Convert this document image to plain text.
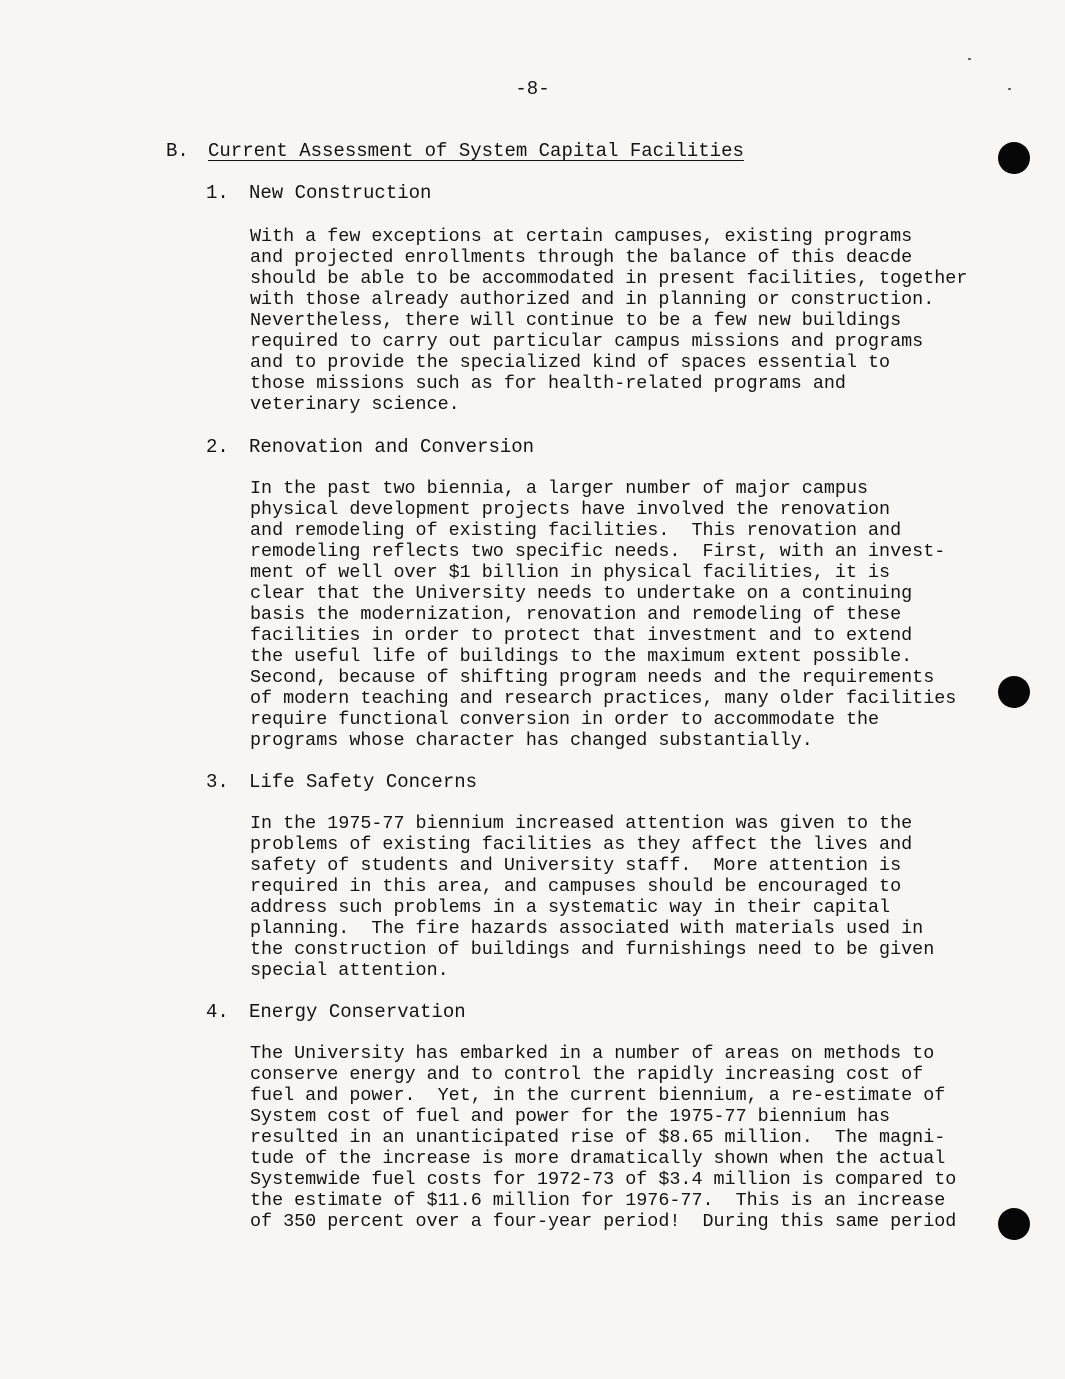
-8-
B. Current Assessment of System Capital Facilities
1. New Construction
With a few exceptions at certain campuses, existing programs
and projected enrollments through the balance of this deacde
should be able to be accommodated in present facilities, together
with those already authorized and in planning or construction.
Nevertheless, there will continue to be a few new buildings
required to carry out particular campus missions and programs
and to provide the specialized kind of spaces essential to
those missions such as for health-related programs and
veterinary science.
2. Renovation and Conversion
In the past two biennia, a larger number of major campus
physical development projects have involved the renovation
and remodeling of existing facilities.  This renovation and
remodeling reflects two specific needs.  First, with an invest-
ment of well over $1 billion in physical facilities, it is
clear that the University needs to undertake on a continuing
basis the modernization, renovation and remodeling of these
facilities in order to protect that investment and to extend
the useful life of buildings to the maximum extent possible.
Second, because of shifting program needs and the requirements
of modern teaching and research practices, many older facilities
require functional conversion in order to accommodate the
programs whose character has changed substantially.
3. Life Safety Concerns
In the 1975-77 biennium increased attention was given to the
problems of existing facilities as they affect the lives and
safety of students and University staff.  More attention is
required in this area, and campuses should be encouraged to
address such problems in a systematic way in their capital
planning.  The fire hazards associated with materials used in
the construction of buildings and furnishings need to be given
special attention.
4. Energy Conservation
The University has embarked in a number of areas on methods to
conserve energy and to control the rapidly increasing cost of
fuel and power.  Yet, in the current biennium, a re-estimate of
System cost of fuel and power for the 1975-77 biennium has
resulted in an unanticipated rise of $8.65 million.  The magni-
tude of the increase is more dramatically shown when the actual
Systemwide fuel costs for 1972-73 of $3.4 million is compared to
the estimate of $11.6 million for 1976-77.  This is an increase
of 350 percent over a four-year period!  During this same period
